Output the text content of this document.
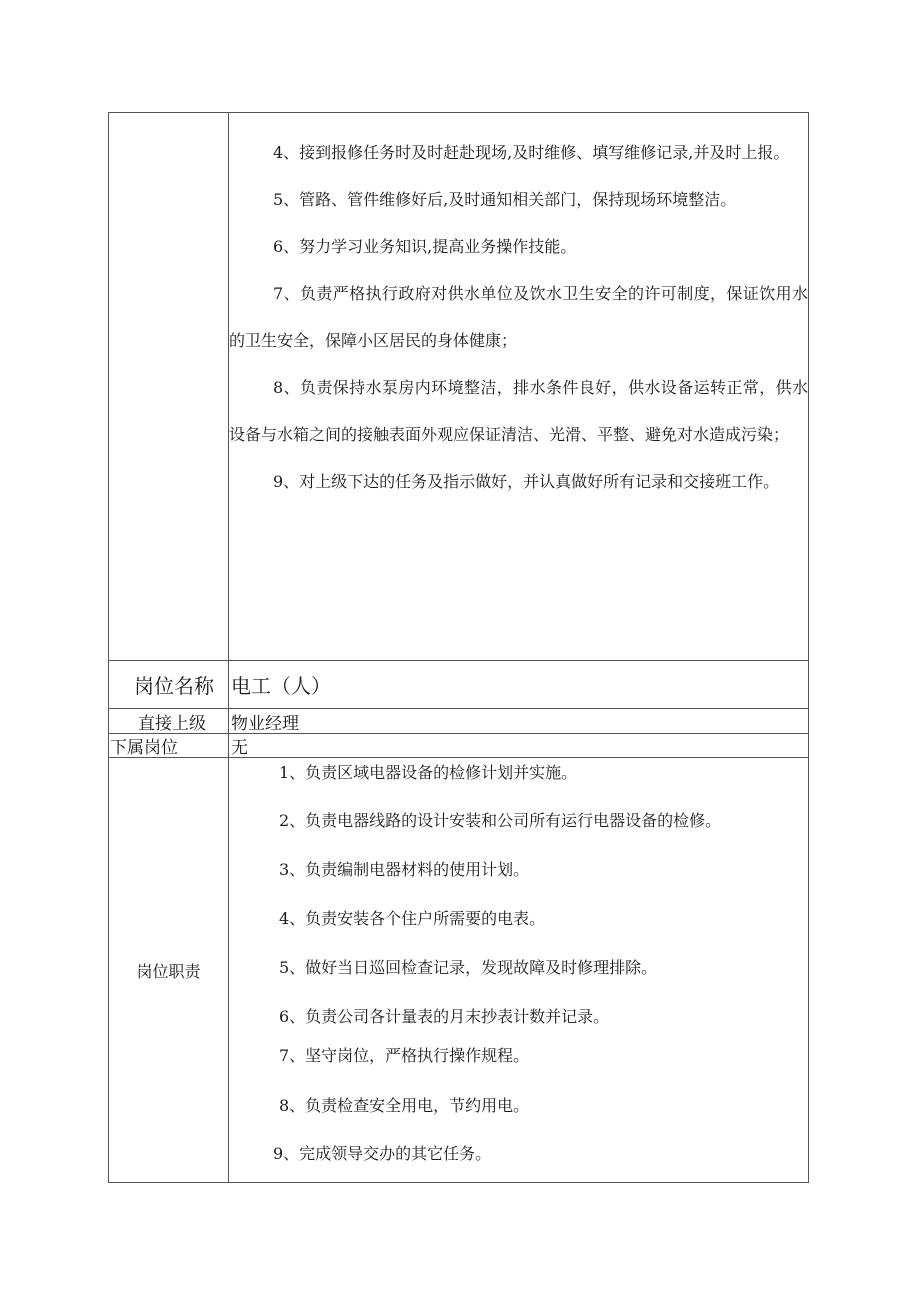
4、接到报修任务时及时赶赴现场,及时维修、填写维修记录,并及时上报。

5、管路、管件维修好后,及时通知相关部门，保持现场环境整洁。

6、努力学习业务知识,提高业务操作技能。

7、负责严格执行政府对供水单位及饮水卫生安全的许可制度，保证饮用水的卫生安全，保障小区居民的身体健康；

8、负责保持水泵房内环境整洁，排水条件良好，供水设备运转正常，供水设备与水箱之间的接触表面外观应保证清洁、光滑、平整、避免对水造成污染；

9、对上级下达的任务及指示做好，并认真做好所有记录和交接班工作。

岗位名称 电工（人）
直接上级	物业经理
下属岗位	无
岗位职责

1、负责区域电器设备的检修计划并实施。

2、负责电器线路的设计安装和公司所有运行电器设备的检修。

3、负责编制电器材料的使用计划。

4、负责安装各个住户所需要的电表。

5、做好当日巡回检查记录，发现故障及时修理排除。

6、负责公司各计量表的月末抄表计数并记录。

7、坚守岗位，严格执行操作规程。

8、负责检查安全用电，节约用电。

9、完成领导交办的其它任务。
